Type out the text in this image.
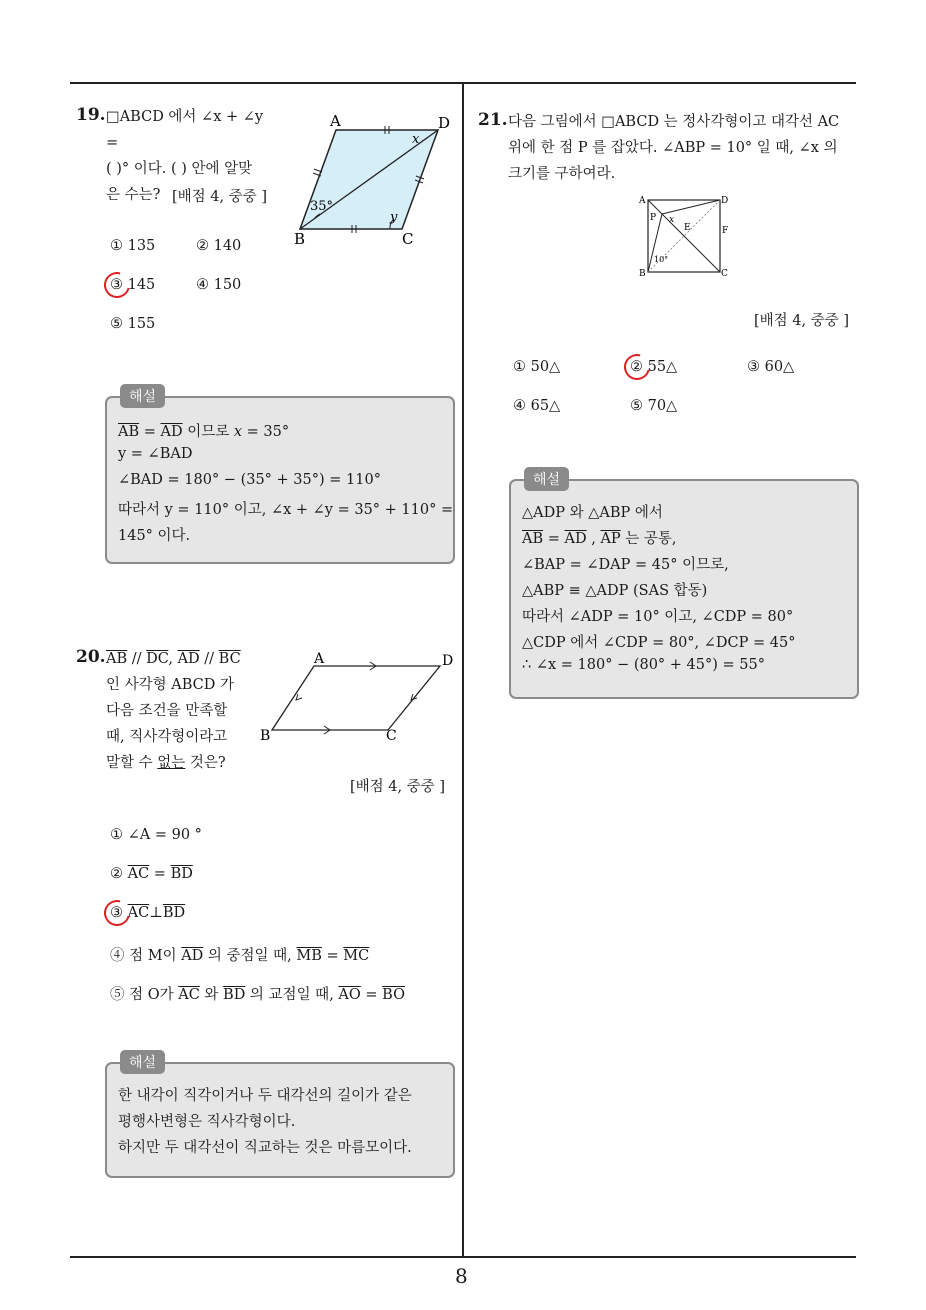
8
19. □ABCD 에서 ∠x + ∠y =
( )° 이다. ( ) 안에 알맞
은 수는? [배점 4, 중중 ]
A	D
B	C
x
y
35°
① 135	② 140
③ 145	④ 150
⑤ 155
해설
$\overline{AB} = \overline{AD}$ 이므로 x = 35°
y = ∠BAD
∠BAD = 180° − (35° + 35°) = 110°
따라서 y = 110° 이고, ∠x + ∠y = 35° + 110° =
145° 이다.
20. $\overline{AB} // \overline{DC}$, $\overline{AD} // \overline{BC}$
인 사각형 ABCD 가
다음 조건을 만족할
때, 직사각형이라고
말할 수 없는 것은?
[배점 4, 중중 ]
A	D
B	C
① ∠A = 90 °
② $\overline{AC} = \overline{BD}$
③ $\overline{AC}\perp\overline{BD}$
④ 점 M이 $\overline{AD}$ 의 중점일 때, $\overline{MB} = \overline{MC}$
⑤ 점 O가 $\overline{AC}$ 와 $\overline{BD}$ 의 교점일 때, $\overline{AO} = \overline{BO}$
해설
한 내각이 직각이거나 두 대각선의 길이가 같은
평행사변형은 직사각형이다.
하지만 두 대각선이 직교하는 것은 마름모이다.
21. 다음 그림에서 □ABCD 는 정사각형이고 대각선 AC
위에 한 점 P 를 잡았다. ∠ABP = 10° 일 때, ∠x 의
크기를 구하여라.
A	D
B	C
P
E	F
x
10°
[배점 4, 중중 ]
① 50△	② 55△	③ 60△
④ 65△	⑤ 70△
해설
△ADP 와 △ABP 에서
$\overline{AB} = \overline{AD}$ , $\overline{AP}$ 는 공통,
∠BAP = ∠DAP = 45° 이므로,
△ABP ≡ △ADP (SAS 합동)
따라서 ∠ADP = 10° 이고, ∠CDP = 80°
△CDP 에서 ∠CDP = 80°, ∠DCP = 45°
∴ ∠x = 180° − (80° + 45°) = 55°
